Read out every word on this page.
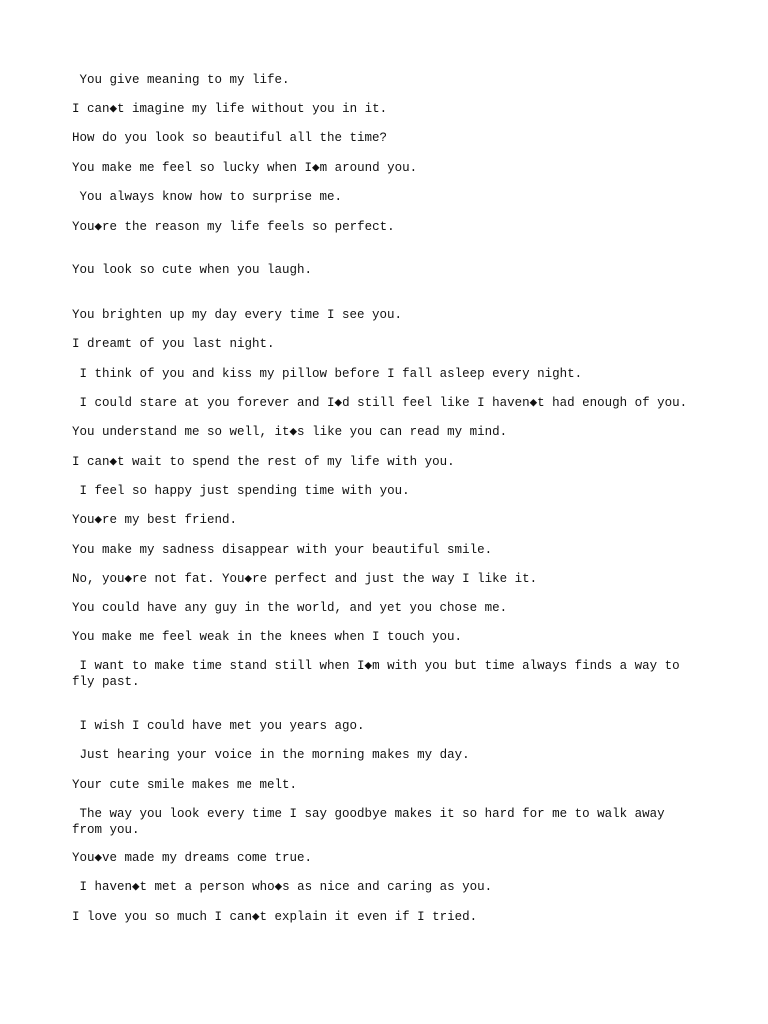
You give meaning to my life.

I can◆t imagine my life without you in it.

How do you look so beautiful all the time?

You make me feel so lucky when I◆m around you.

You always know how to surprise me.

You◆re the reason my life feels so perfect.

You look so cute when you laugh.

You brighten up my day every time I see you.

I dreamt of you last night.

I think of you and kiss my pillow before I fall asleep every night.

I could stare at you forever and I◆d still feel like I haven◆t had enough of you.

You understand me so well, it◆s like you can read my mind.

I can◆t wait to spend the rest of my life with you.

I feel so happy just spending time with you.

You◆re my best friend.

You make my sadness disappear with your beautiful smile.

No, you◆re not fat. You◆re perfect and just the way I like it.

You could have any guy in the world, and yet you chose me.

You make me feel weak in the knees when I touch you.

I want to make time stand still when I◆m with you but time always finds a way to fly past.

I wish I could have met you years ago.

Just hearing your voice in the morning makes my day.

Your cute smile makes me melt.

The way you look every time I say goodbye makes it so hard for me to walk away from you.

You◆ve made my dreams come true.

I haven◆t met a person who◆s as nice and caring as you.

I love you so much I can◆t explain it even if I tried.
